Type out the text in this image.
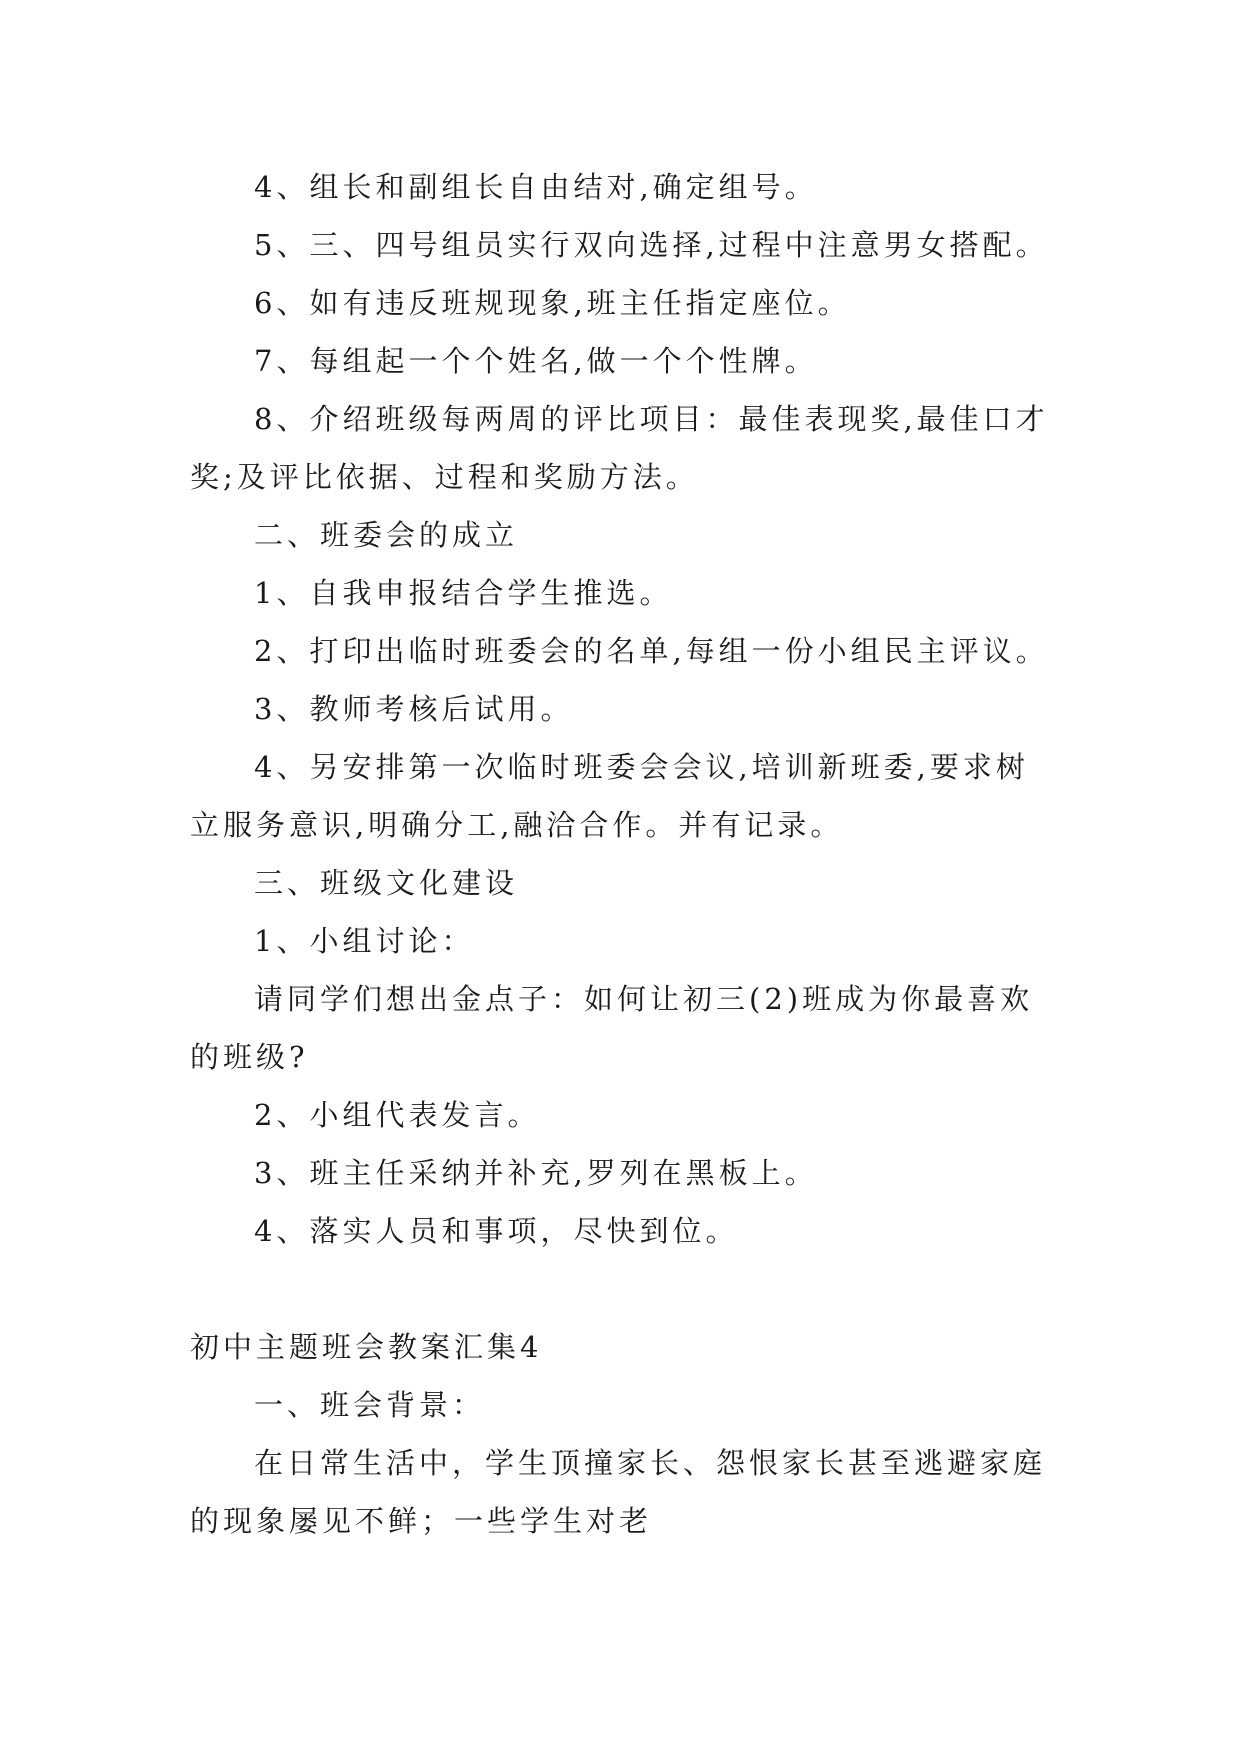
4、组长和副组长自由结对,确定组号。
5、三、四号组员实行双向选择,过程中注意男女搭配。
6、如有违反班规现象,班主任指定座位。
7、每组起一个个姓名,做一个个性牌。
8、介绍班级每两周的评比项目：最佳表现奖,最佳口才
奖;及评比依据、过程和奖励方法。
二、班委会的成立
1、自我申报结合学生推选。
2、打印出临时班委会的名单,每组一份小组民主评议。
3、教师考核后试用。
4、另安排第一次临时班委会会议,培训新班委,要求树
立服务意识,明确分工,融洽合作。并有记录。
三、班级文化建设
1、小组讨论：
请同学们想出金点子：如何让初三(2)班成为你最喜欢
的班级?
2、小组代表发言。
3、班主任采纳并补充,罗列在黑板上。
4、落实人员和事项，尽快到位。
初中主题班会教案汇集4
一、班会背景：
在日常生活中，学生顶撞家长、怨恨家长甚至逃避家庭
的现象屡见不鲜；一些学生对老
